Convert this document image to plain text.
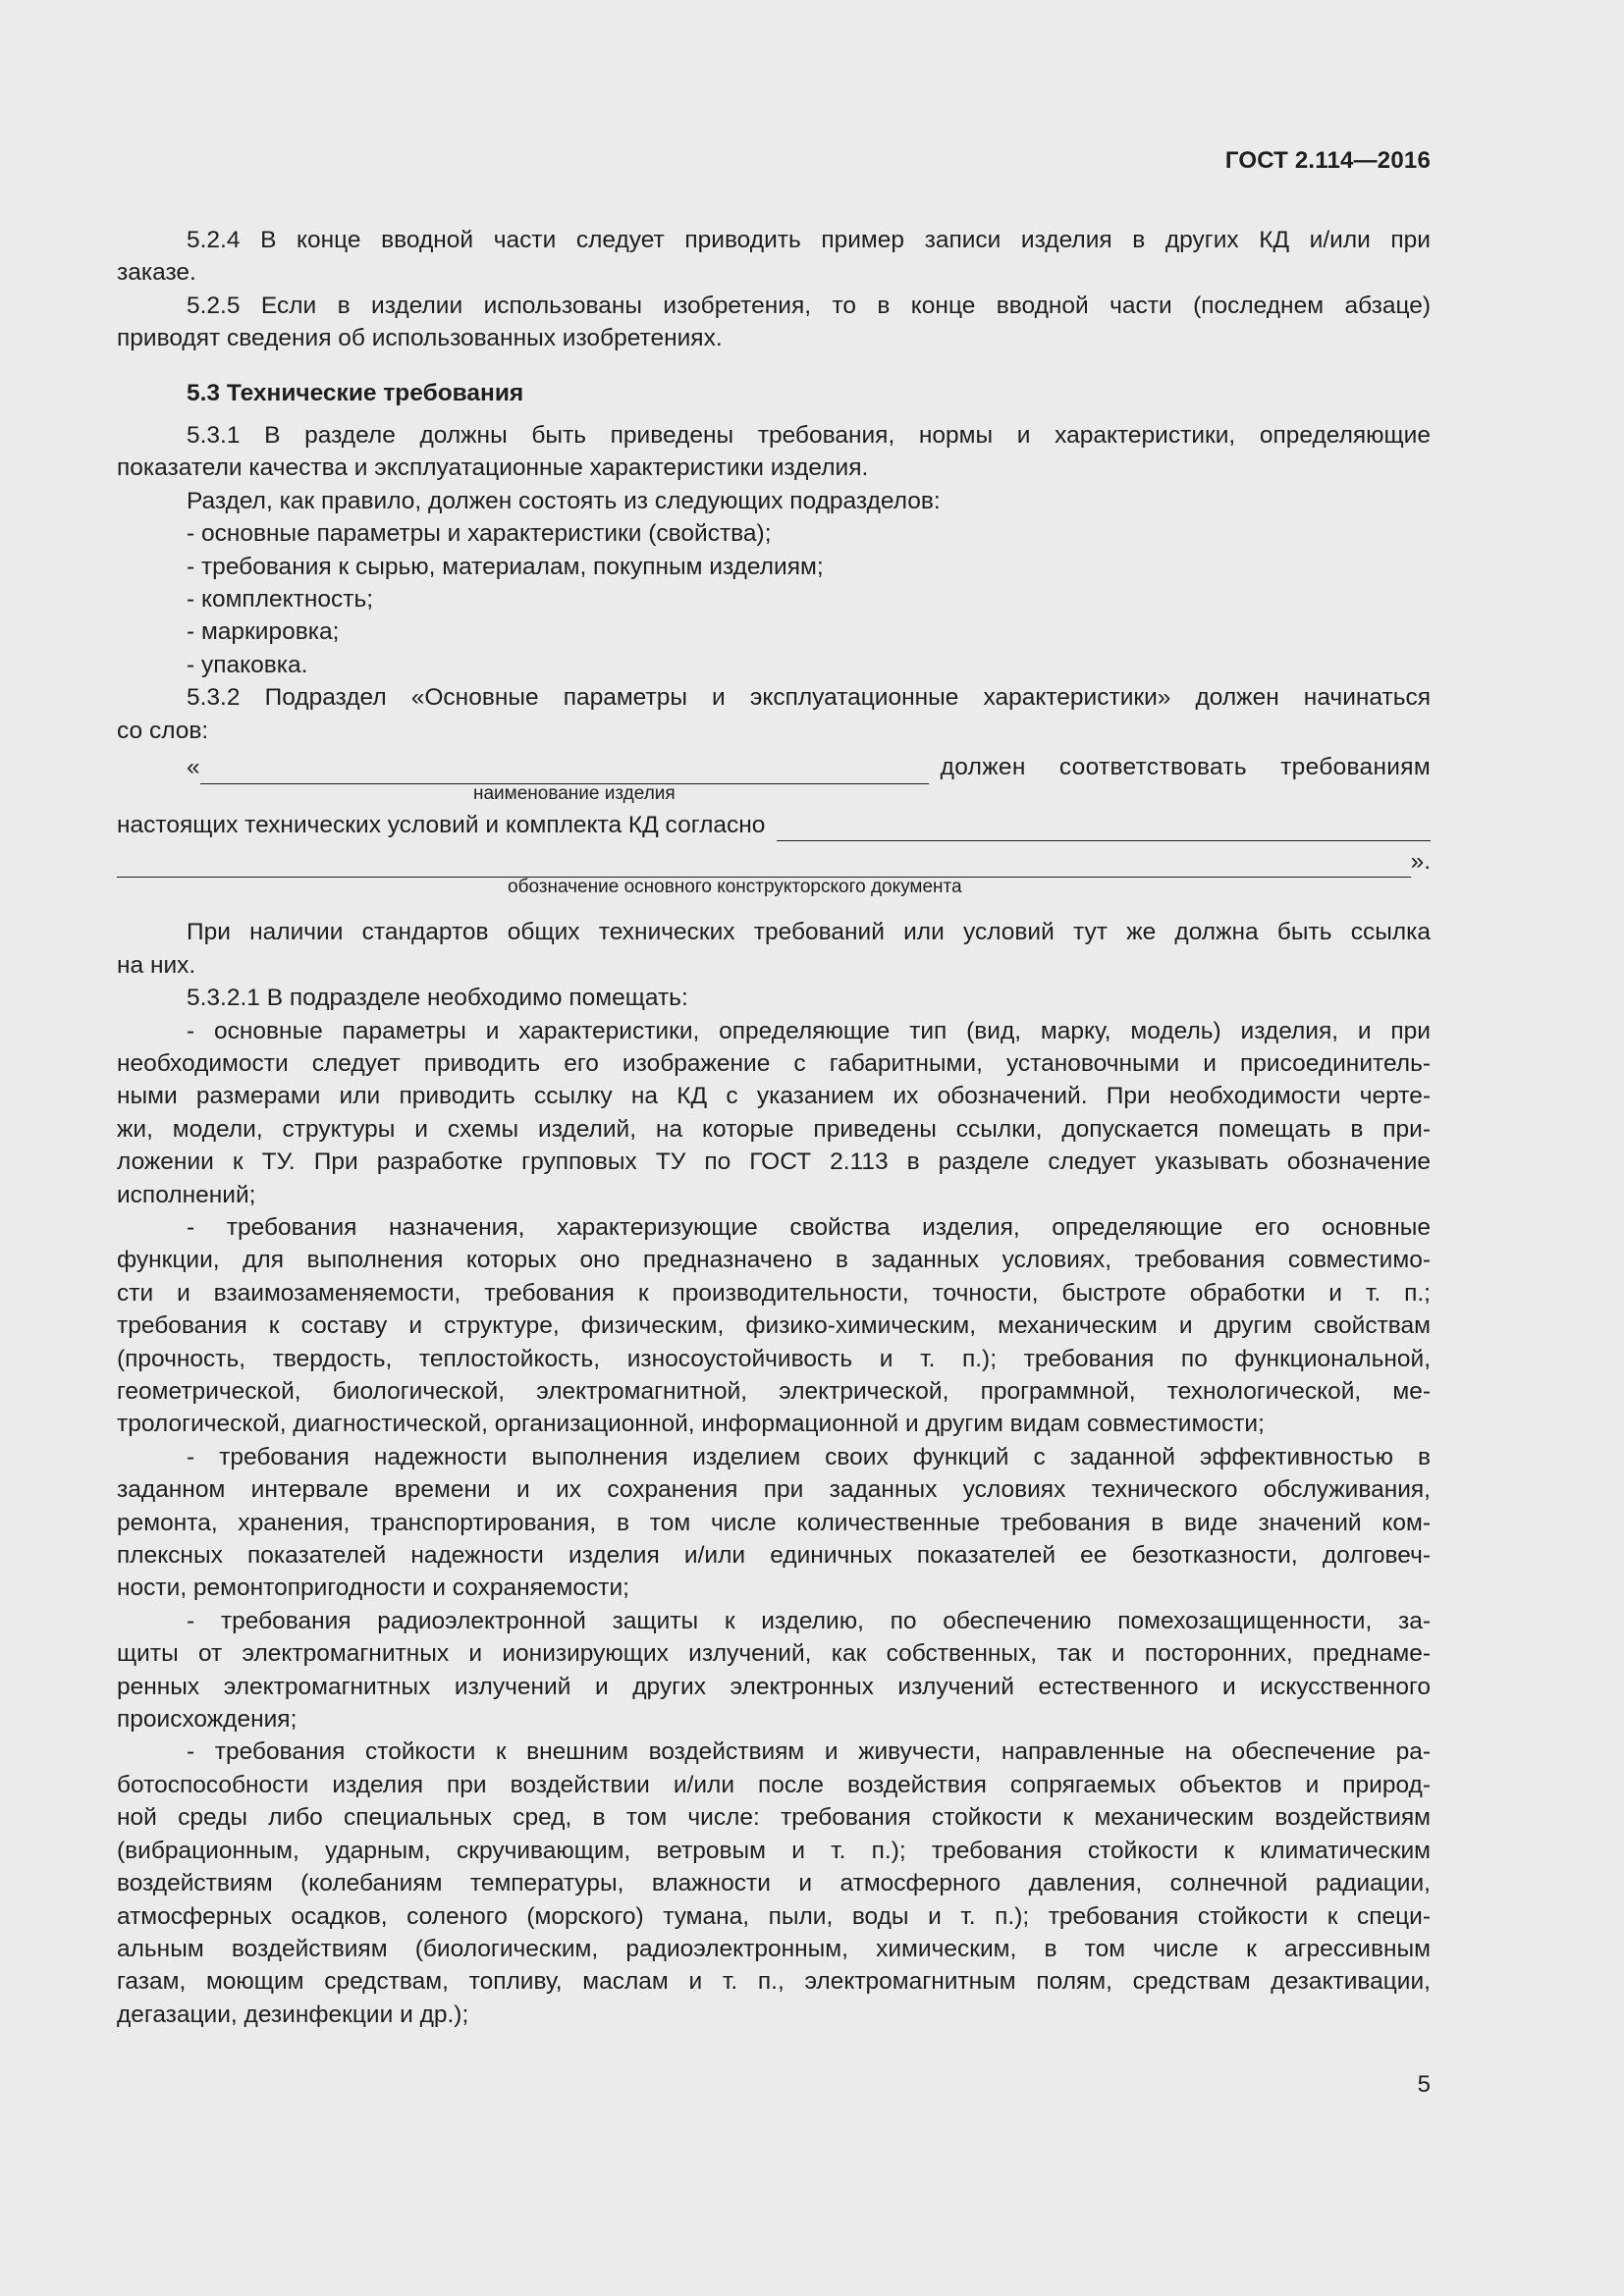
ГОСТ 2.114—2016

5.2.4 В конце вводной части следует приводить пример записи изделия в других КД и/или при

заказе.

5.2.5 Если в изделии использованы изобретения, то в конце вводной части (последнем абзаце)

приводят сведения об использованных изобретениях.

5.3 Технические требования

5.3.1 В разделе должны быть приведены требования, нормы и характеристики, определяющие

показатели качества и эксплуатационные характеристики изделия.

Раздел, как правило, должен состоять из следующих подразделов:

- основные параметры и характеристики (свойства);

- требования к сырью, материалам, покупным изделиям;

- комплектность;

- маркировка;

- упаковка.

5.3.2 Подраздел «Основные параметры и эксплуатационные характеристики» должен начинаться

со слов:

«	должен соответствовать требованиям
наименование изделия
настоящих технических условий и комплекта КД согласно
».
обозначение основного конструкторского документа

При наличии стандартов общих технических требований или условий тут же должна быть ссылка

на них.

5.3.2.1 В подразделе необходимо помещать:

- основные параметры и характеристики, определяющие тип (вид, марку, модель) изделия, и при

необходимости следует приводить его изображение с габаритными, установочными и присоединитель-

ными размерами или приводить ссылку на КД с указанием их обозначений. При необходимости черте-

жи, модели, структуры и схемы изделий, на которые приведены ссылки, допускается помещать в при-

ложении к ТУ. При разработке групповых ТУ по ГОСТ 2.113 в разделе следует указывать обозначение

исполнений;

- требования назначения, характеризующие свойства изделия, определяющие его основные

функции, для выполнения которых оно предназначено в заданных условиях, требования совместимо-

сти и взаимозаменяемости, требования к производительности, точности, быстроте обработки и т. п.;

требования к составу и структуре, физическим, физико-химическим, механическим и другим свойствам

(прочность, твердость, теплостойкость, износоустойчивость и т. п.); требования по функциональной,

геометрической, биологической, электромагнитной, электрической, программной, технологической, ме-

трологической, диагностической, организационной, информационной и другим видам совместимости;

- требования надежности выполнения изделием своих функций с заданной эффективностью в

заданном интервале времени и их сохранения при заданных условиях технического обслуживания,

ремонта, хранения, транспортирования, в том числе количественные требования в виде значений ком-

плексных показателей надежности изделия и/или единичных показателей ее безотказности, долговеч-

ности, ремонтопригодности и сохраняемости;

- требования радиоэлектронной защиты к изделию, по обеспечению помехозащищенности, за-

щиты от электромагнитных и ионизирующих излучений, как собственных, так и посторонних, преднаме-

ренных электромагнитных излучений и других электронных излучений естественного и искусственного

происхождения;

- требования стойкости к внешним воздействиям и живучести, направленные на обеспечение ра-

ботоспособности изделия при воздействии и/или после воздействия сопрягаемых объектов и природ-

ной среды либо специальных сред, в том числе: требования стойкости к механическим воздействиям

(вибрационным, ударным, скручивающим, ветровым и т. п.); требования стойкости к климатическим

воздействиям (колебаниям температуры, влажности и атмосферного давления, солнечной радиации,

атмосферных осадков, соленого (морского) тумана, пыли, воды и т. п.); требования стойкости к специ-

альным воздействиям (биологическим, радиоэлектронным, химическим, в том числе к агрессивным

газам, моющим средствам, топливу, маслам и т. п., электромагнитным полям, средствам дезактивации,

дегазации, дезинфекции и др.);

5
